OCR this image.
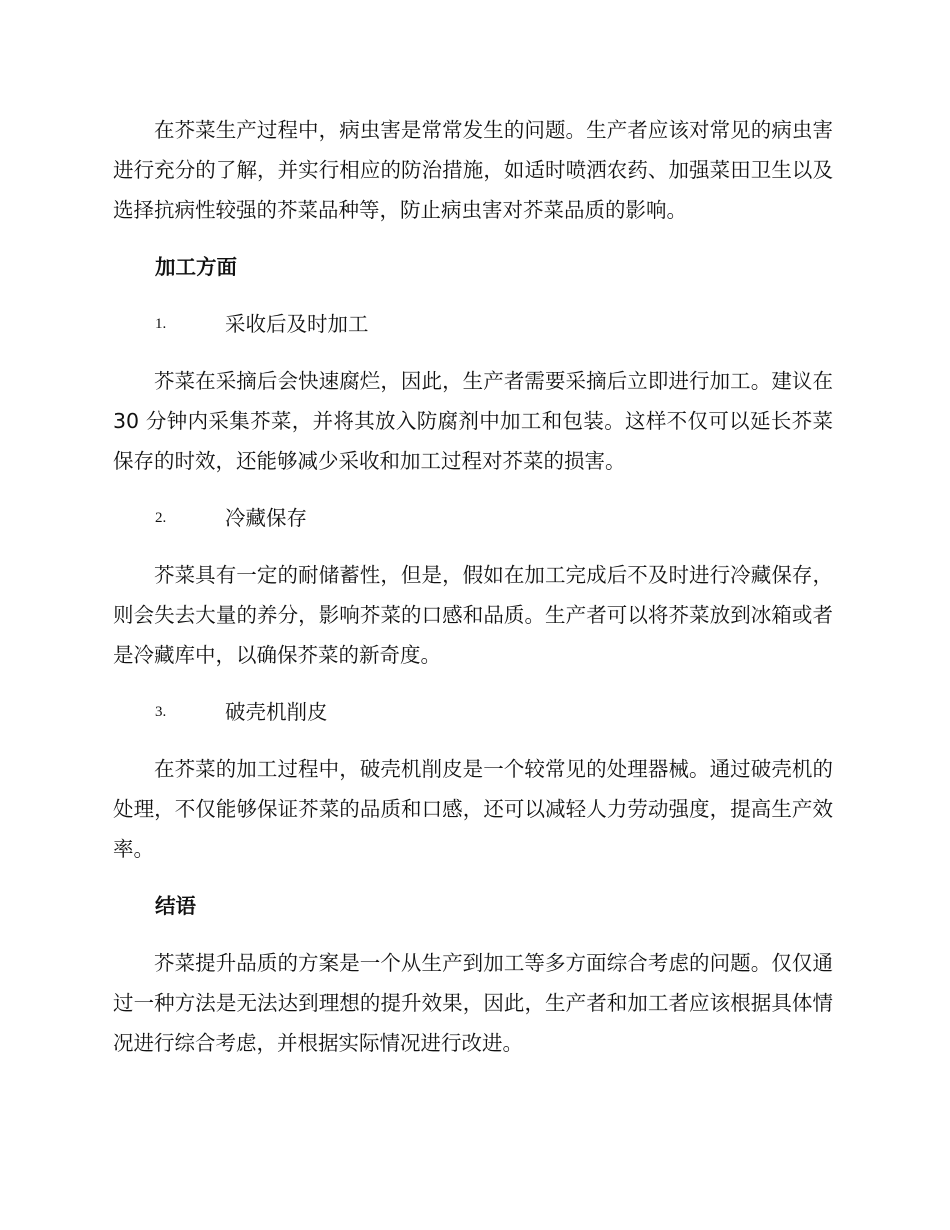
在芥菜生产过程中，病虫害是常常发生的问题。生产者应该对常见的病虫害进行充分的了解，并实行相应的防治措施，如适时喷洒农药、加强菜田卫生以及选择抗病性较强的芥菜品种等，防止病虫害对芥菜品质的影响。

加工方面
1.	采收后及时加工

芥菜在采摘后会快速腐烂，因此，生产者需要采摘后立即进行加工。建议在 30 分钟内采集芥菜，并将其放入防腐剂中加工和包装。这样不仅可以延长芥菜保存的时效，还能够减少采收和加工过程对芥菜的损害。

2.	冷藏保存

芥菜具有一定的耐储蓄性，但是，假如在加工完成后不及时进行冷藏保存，则会失去大量的养分，影响芥菜的口感和品质。生产者可以将芥菜放到冰箱或者是冷藏库中，以确保芥菜的新奇度。

3.	破壳机削皮

在芥菜的加工过程中，破壳机削皮是一个较常见的处理器械。通过破壳机的处理，不仅能够保证芥菜的品质和口感，还可以减轻人力劳动强度，提高生产效率。

结语

芥菜提升品质的方案是一个从生产到加工等多方面综合考虑的问题。仅仅通过一种方法是无法达到理想的提升效果，因此，生产者和加工者应该根据具体情况进行综合考虑，并根据实际情况进行改进。
